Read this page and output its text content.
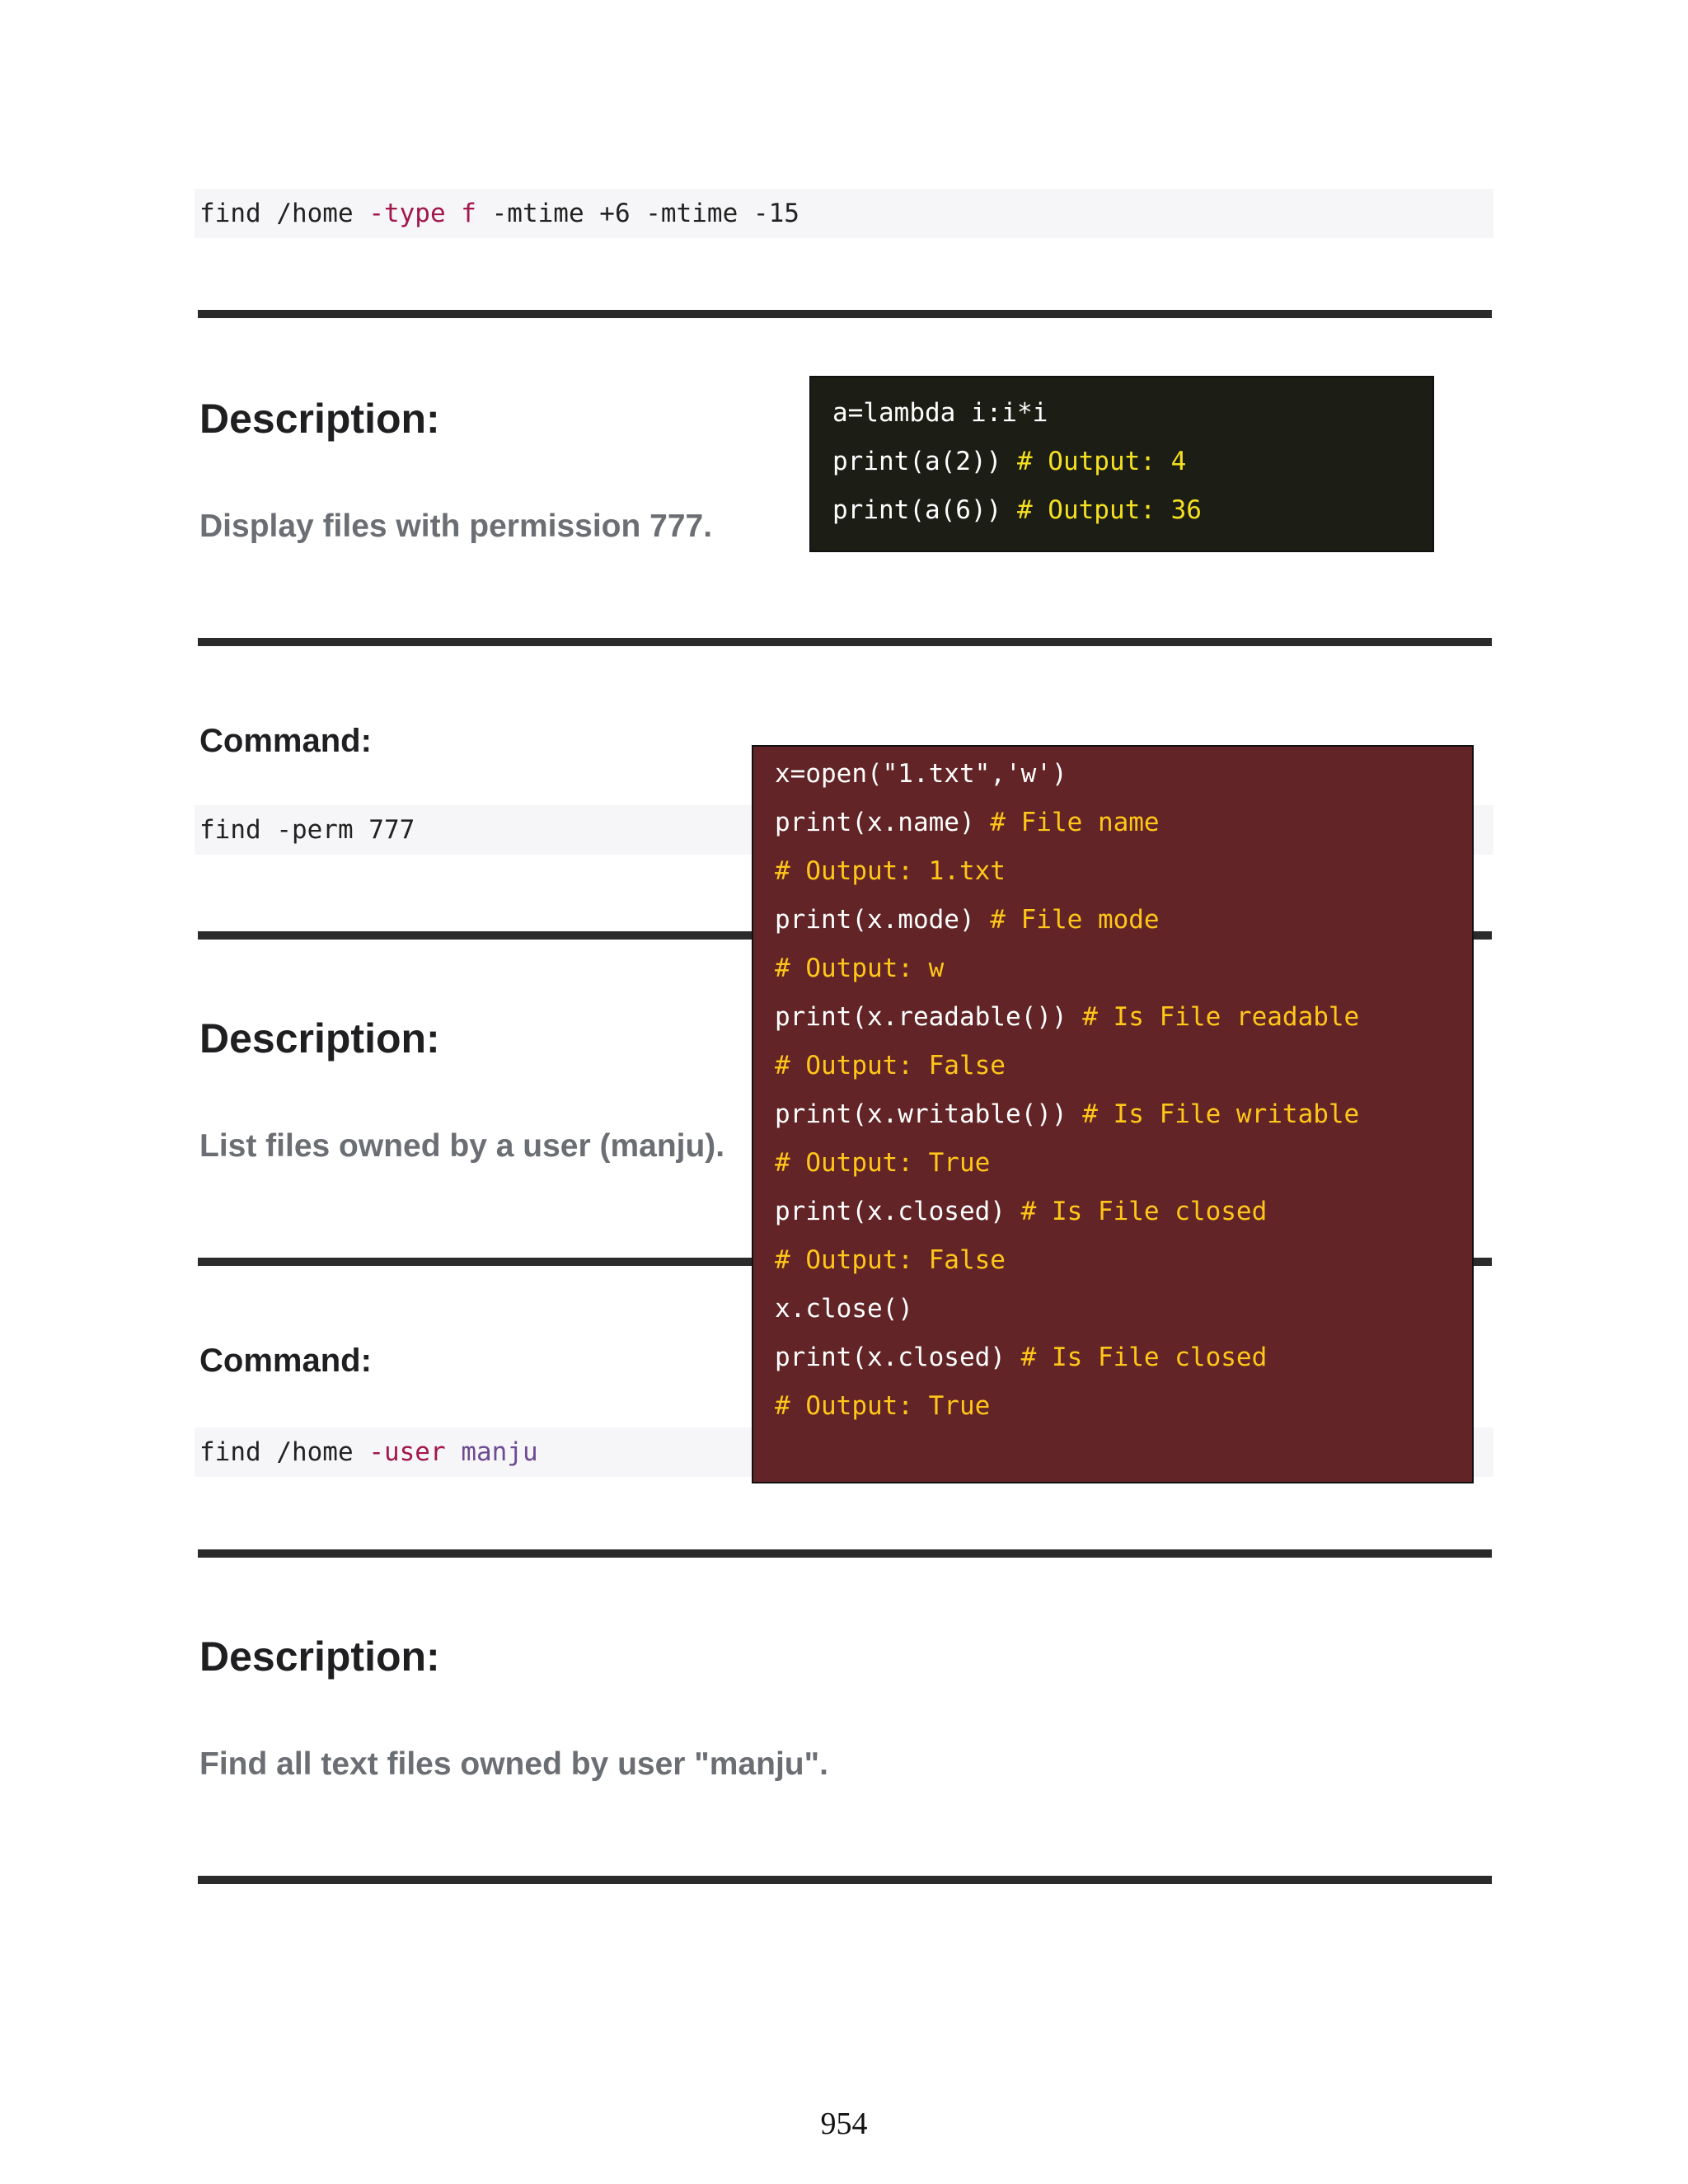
find /home -type f -mtime +6 -mtime -15
Description:
Display files with permission 777.
a=lambda i:i*i
print(a(2)) # Output: 4
print(a(6)) # Output: 36
Command:
find -perm 777
Description:
List files owned by a user (manju).
Command:
find /home -user manju
x=open("1.txt",'w')
print(x.name) # File name
# Output: 1.txt
print(x.mode) # File mode
# Output: w
print(x.readable()) # Is File readable
# Output: False
print(x.writable()) # Is File writable
# Output: True
print(x.closed) # Is File closed
# Output: False
x.close()
print(x.closed) # Is File closed
# Output: True
Description:
Find all text files owned by user "manju".
954
